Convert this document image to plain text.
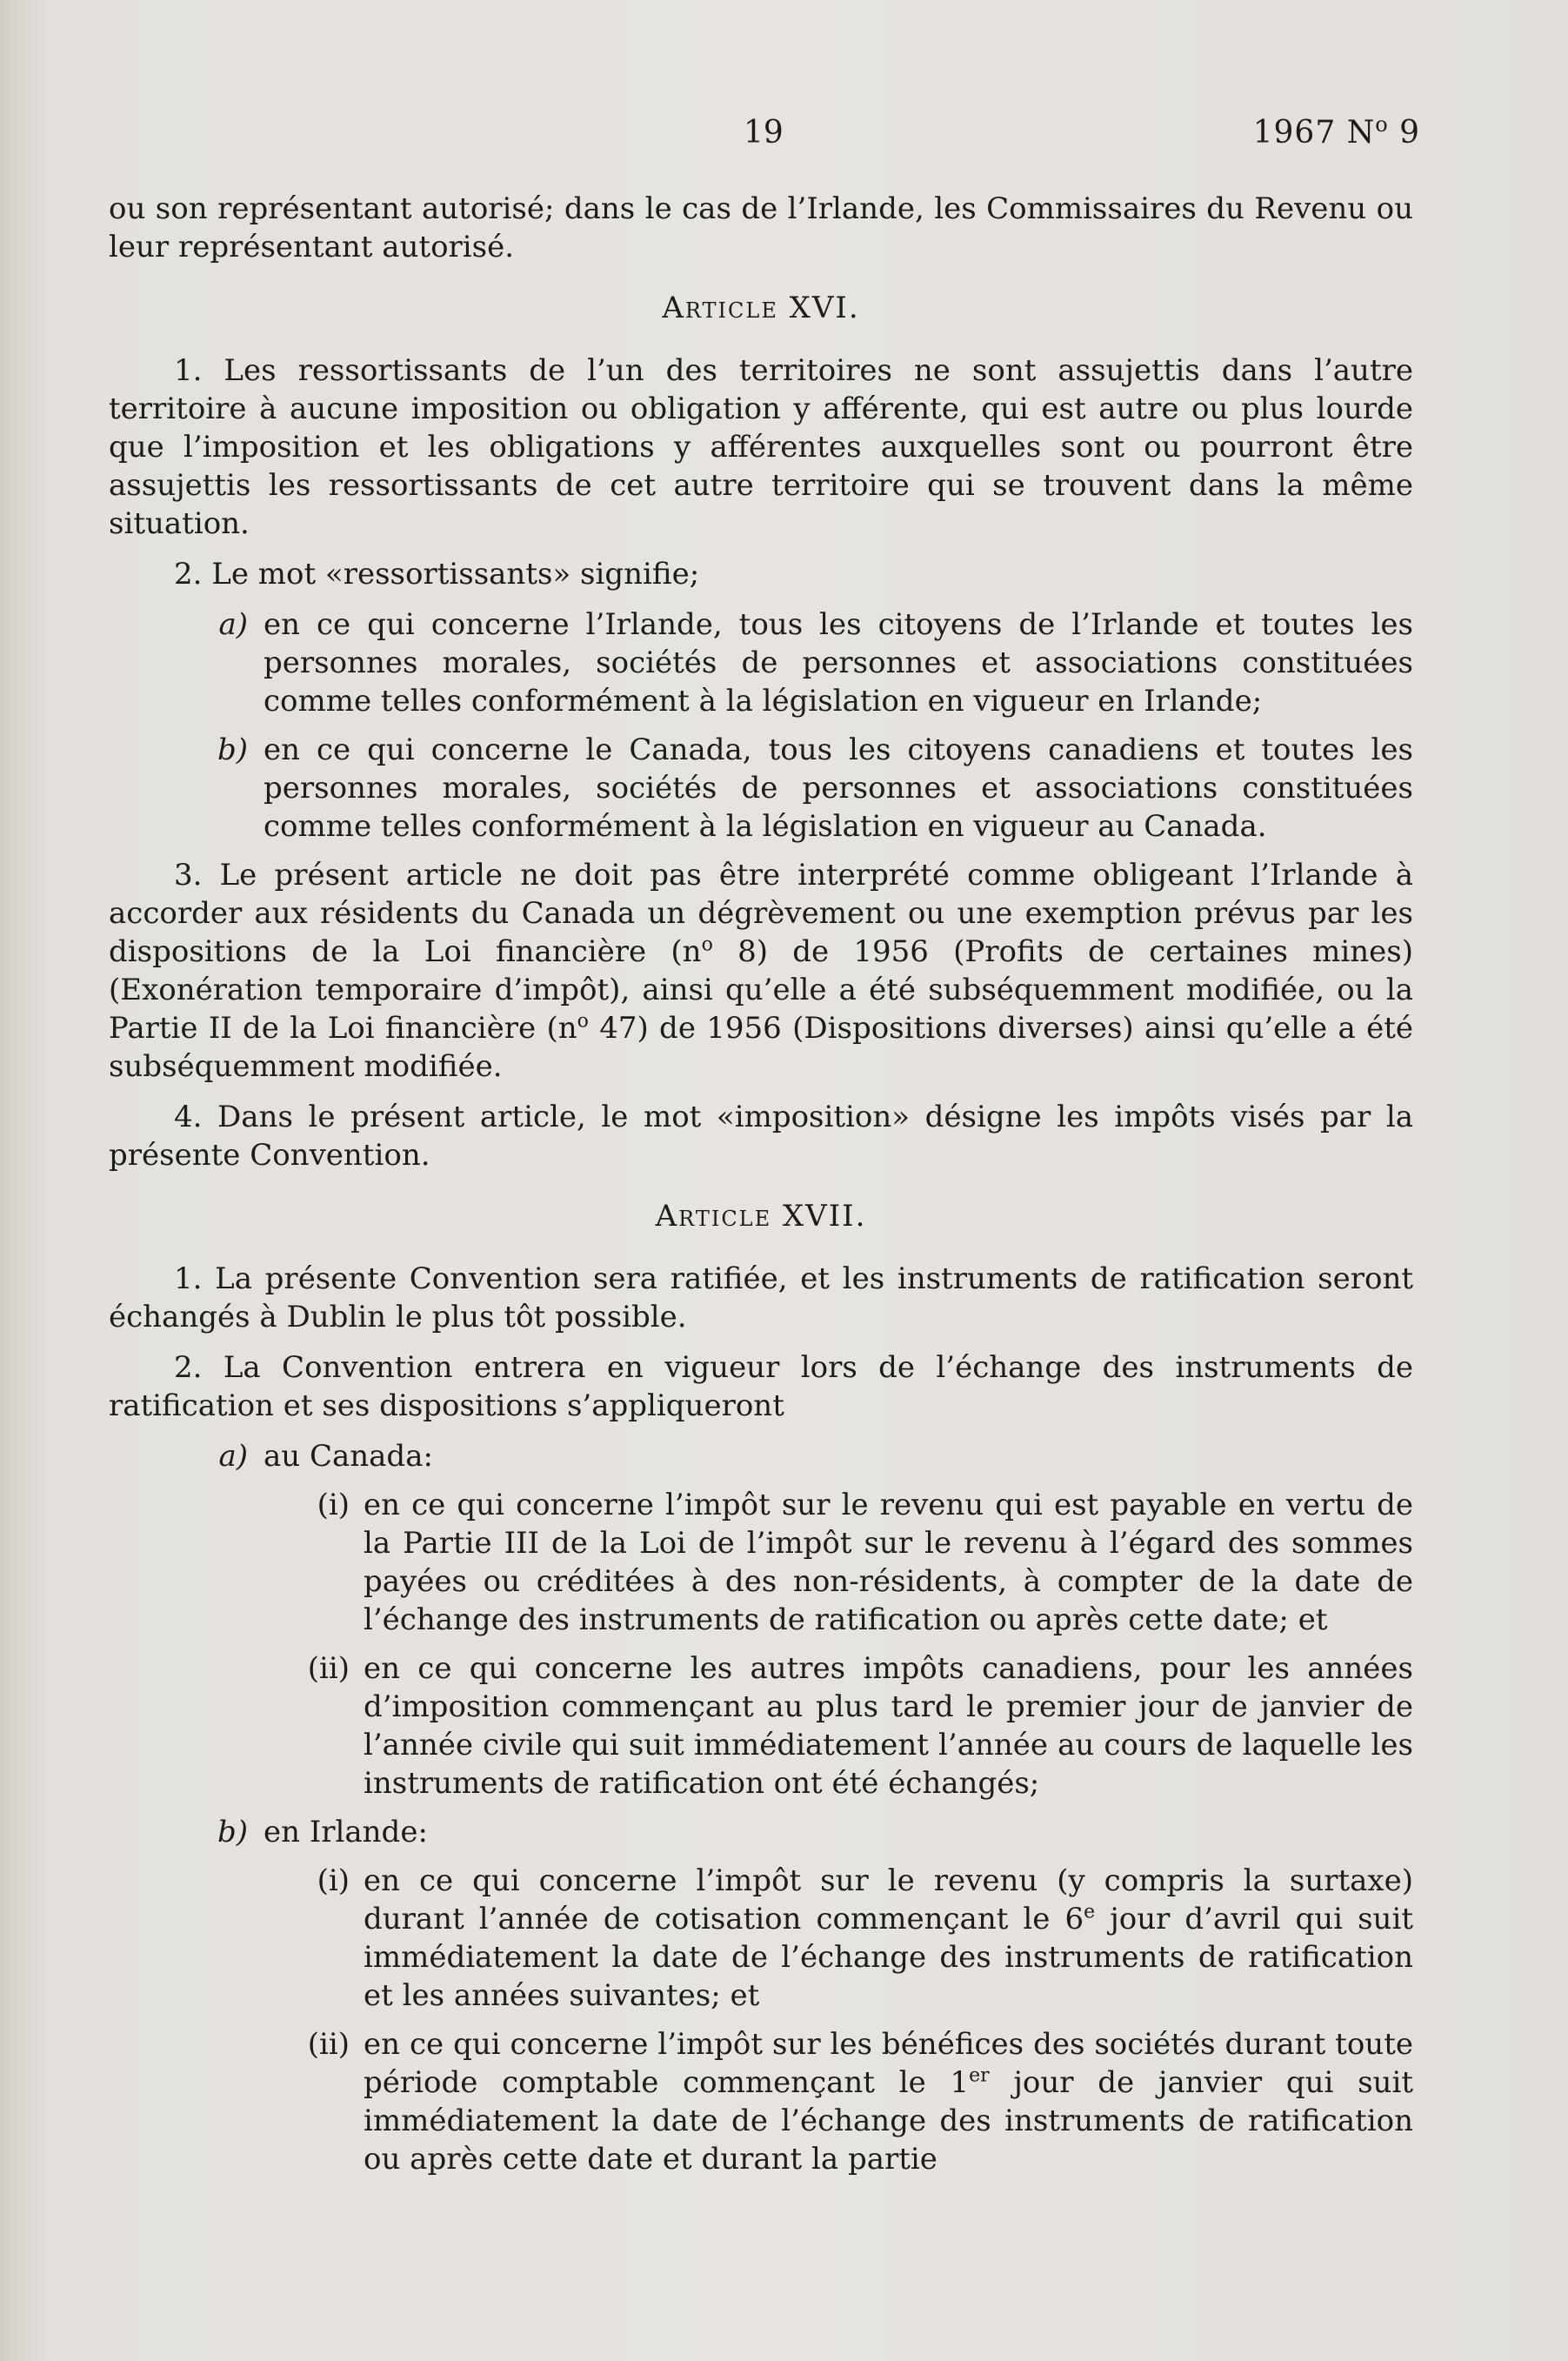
19	1967 $N^o$ 9

ou son représentant autorisé; dans le cas de l’Irlande, les Commissaires du Revenu ou leur représentant autorisé.

Article XVI.

1. Les ressortissants de l’un des territoires ne sont assujettis dans l’autre territoire à aucune imposition ou obligation y afférente, qui est autre ou plus lourde que l’imposition et les obligations y afférentes auxquelles sont ou pourront être assujettis les ressortissants de cet autre territoire qui se trouvent dans la même situation.

2. Le mot «ressortissants» signifie;

a) en ce qui concerne l’Irlande, tous les citoyens de l’Irlande et toutes les personnes morales, sociétés de personnes et associations constituées comme telles conformément à la législation en vigueur en Irlande;
b) en ce qui concerne le Canada, tous les citoyens canadiens et toutes les personnes morales, sociétés de personnes et associations constituées comme telles conformément à la législation en vigueur au Canada.

3. Le présent article ne doit pas être interprété comme obligeant l’Irlande à accorder aux résidents du Canada un dégrèvement ou une exemption prévus par les dispositions de la Loi financière ($n^o$ 8) de 1956 (Profits de certaines mines) (Exonération temporaire d’impôt), ainsi qu’elle a été subséquemment modifiée, ou la Partie II de la Loi financière ($n^o$ 47) de 1956 (Dispositions diverses) ainsi qu’elle a été subséquemment modifiée.

4. Dans le présent article, le mot «imposition» désigne les impôts visés par la présente Convention.

Article XVII.

1. La présente Convention sera ratifiée, et les instruments de ratification seront échangés à Dublin le plus tôt possible.

2. La Convention entrera en vigueur lors de l’échange des instruments de ratification et ses dispositions s’appliqueront

a) au Canada:
(i) en ce qui concerne l’impôt sur le revenu qui est payable en vertu de la Partie III de la Loi de l’impôt sur le revenu à l’égard des sommes payées ou créditées à des non-résidents, à compter de la date de l’échange des instruments de ratification ou après cette date; et
(ii) en ce qui concerne les autres impôts canadiens, pour les années d’imposition commençant au plus tard le premier jour de janvier de l’année civile qui suit immédiatement l’année au cours de laquelle les instruments de ratification ont été échangés;
b) en Irlande:
(i) en ce qui concerne l’impôt sur le revenu (y compris la surtaxe) durant l’année de cotisation commençant le 6e jour d’avril qui suit immédiatement la date de l’échange des instruments de ratification et les années suivantes; et
(ii) en ce qui concerne l’impôt sur les bénéfices des sociétés durant toute période comptable commençant le 1er jour de janvier qui suit immédiatement la date de l’échange des instruments de ratification ou après cette date et durant la partie
